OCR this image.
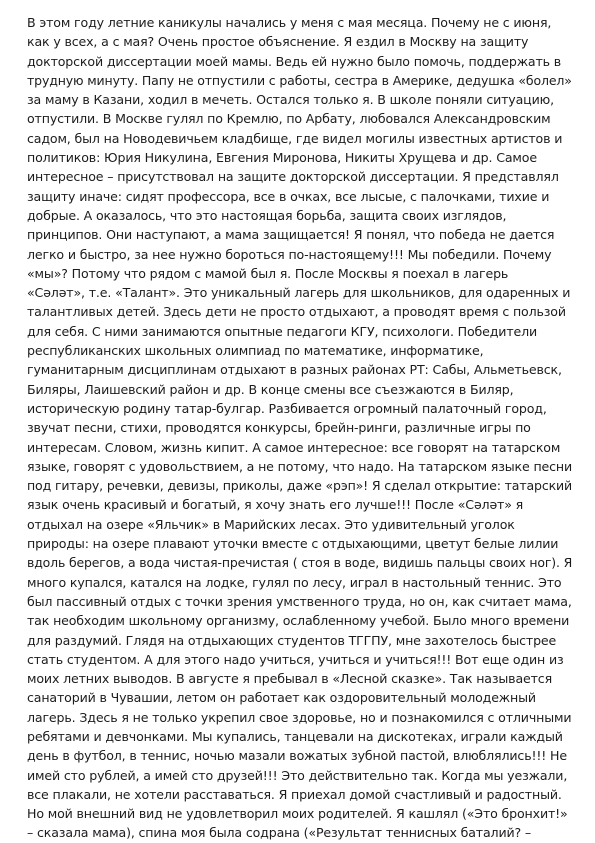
В этом году летние каникулы начались у меня с мая месяца. Почему не с июня,
как у всех, а с мая? Очень простое объяснение. Я ездил в Москву на защиту
докторской диссертации моей мамы. Ведь ей нужно было помочь, поддержать в
трудную минуту. Папу не отпустили с работы, сестра в Америке, дедушка «болел»
за маму в Казани, ходил в мечеть. Остался только я. В школе поняли ситуацию,
отпустили. В Москве гулял по Кремлю, по Арбату, любовался Александровским
садом, был на Новодевичьем кладбище, где видел могилы известных артистов и
политиков: Юрия Никулина, Евгения Миронова, Никиты Хрущева и др. Самое
интересное – присутствовал на защите докторской диссертации. Я представлял
защиту иначе: сидят профессора, все в очках, все лысые, с палочками, тихие и
добрые. А оказалось, что это настоящая борьба, защита своих изглядов,
принципов. Они наступают, а мама защищается! Я понял, что победа не дается
легко и быстро, за нее нужно бороться по-настоящему!!! Мы победили. Почему
«мы»? Потому что рядом с мамой был я. После Москвы я поехал в лагерь
«Сәләт», т.е. «Талант». Это уникальный лагерь для школьников, для одаренных и
талантливых детей. Здесь дети не просто отдыхают, а проводят время с пользой
для себя. С ними занимаются опытные педагоги КГУ, психологи. Победители
республиканских школьных олимпиад по математике, информатике,
гуманитарным дисциплинам отдыхают в разных районах РТ: Сабы, Альметьевск,
Биляры, Лаишевский район и др. В конце смены все съезжаются в Биляр,
историческую родину татар-булгар. Разбивается огромный палаточный город,
звучат песни, стихи, проводятся конкурсы, брейн-ринги, различные игры по
интересам. Словом, жизнь кипит. А самое интересное: все говорят на татарском
языке, говорят с удовольствием, а не потому, что надо. На татарском языке песни
под гитару, речевки, девизы, приколы, даже «рэп»! Я сделал открытие: татарский
язык очень красивый и богатый, я хочу знать его лучше!!! После «Сәләт» я
отдыхал на озере «Яльчик» в Марийских лесах. Это удивительный уголок
природы: на озере плавают уточки вместе с отдыхающими, цветут белые лилии
вдоль берегов, а вода чистая-пречистая ( стоя в воде, видишь пальцы своих ног). Я
много купался, катался на лодке, гулял по лесу, играл в настольный теннис. Это
был пассивный отдых с точки зрения умственного труда, но он, как считает мама,
так необходим школьному организму, ослабленному учебой. Было много времени
для раздумий. Глядя на отдыхающих студентов ТГГПУ, мне захотелось быстрее
стать студентом. А для этого надо учиться, учиться и учиться!!! Вот еще один из
моих летних выводов. В августе я пребывал в «Лесной сказке». Так называется
санаторий в Чувашии, летом он работает как оздоровительный молодежный
лагерь. Здесь я не только укрепил свое здоровье, но и познакомился с отличными
ребятами и девчонками. Мы купались, танцевали на дискотеках, играли каждый
день в футбол, в теннис, ночью мазали вожатых зубной пастой, влюблялись!!! Не
имей сто рублей, а имей сто друзей!!! Это действительно так. Когда мы уезжали,
все плакали, не хотели расставаться. Я приехал домой счастливый и радостный.
Но мой внешний вид не удовлетворил моих родителей. Я кашлял («Это бронхит!»
– сказала мама), спина моя была содрана («Результат теннисных баталий? –
